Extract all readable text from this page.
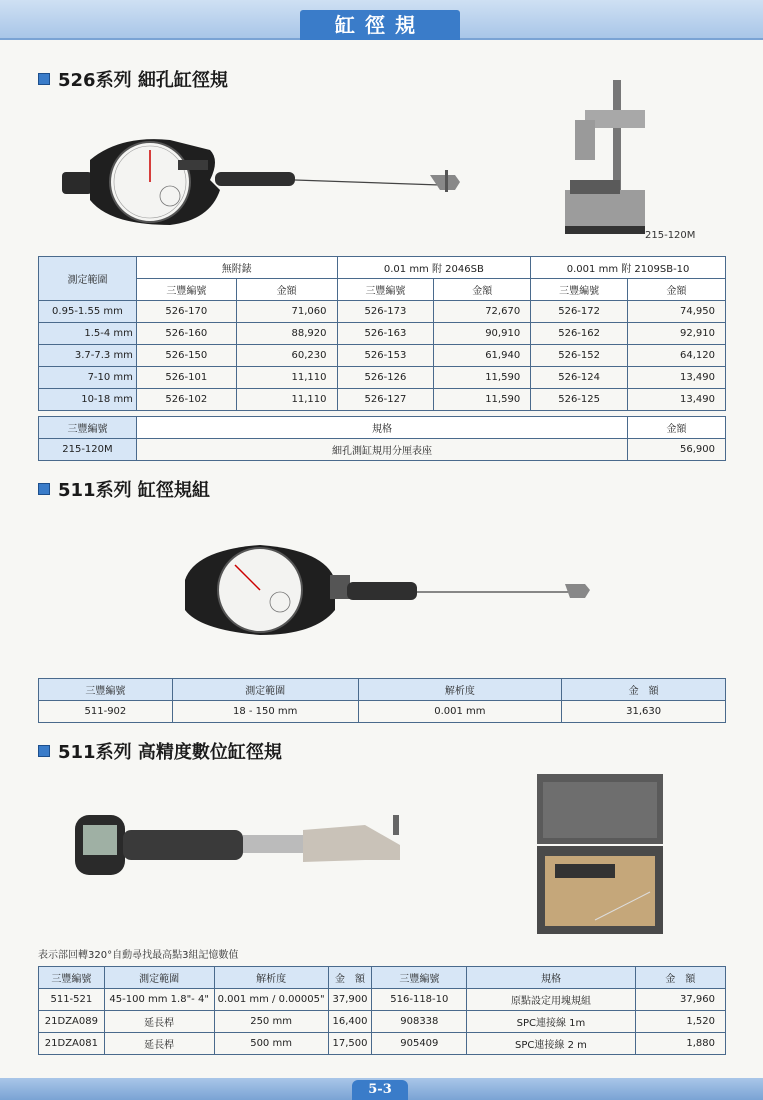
缸徑規
526系列 細孔缸徑規
215-120M
測定範圍	無附錶		0.01 mm 附 2046SB		0.001 mm 附 2109SB-10	
	三豐編號	金額	三豐編號	金額	三豐編號	金額
0.95-1.55 mm	526-170	71,060	526-173	72,670	526-172	74,950
1.5-4 mm	526-160	88,920	526-163	90,910	526-162	92,910
3.7-7.3 mm	526-150	60,230	526-153	61,940	526-152	64,120
7-10 mm	526-101	11,110	526-126	11,590	526-124	13,490
10-18 mm	526-102	11,110	526-127	11,590	526-125	13,490
三豐編號	規格	金額
215-120M	細孔測缸規用分厘表座	56,900
511系列 缸徑規組
三豐編號	測定範圍	解析度	金　額
511-902	18 - 150 mm	0.001 mm	31,630
511系列 高精度數位缸徑規
表示部回轉320°自動尋找最高點3組記憶數值
三豐編號	測定範圍	解析度	金　額	三豐編號	規格	金　額
511-521	45-100 mm 1.8"- 4"	0.001 mm / 0.00005"	37,900	516-118-10	原點設定用塊規組	37,960
21DZA089	延長桿	250 mm	16,400	908338	SPC連接線 1m	1,520
21DZA081	延長桿	500 mm	17,500	905409	SPC連接線 2 m	1,880
5-3
